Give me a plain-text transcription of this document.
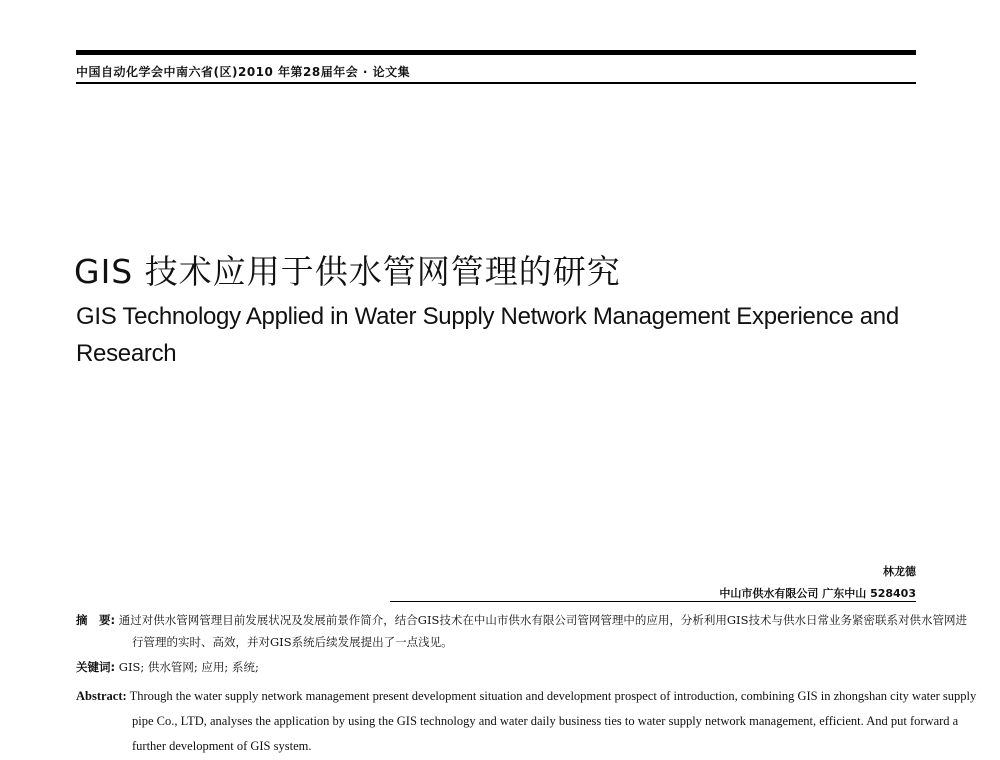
中国自动化学会中南六省(区)2010 年第28届年会 · 论文集
GIS 技术应用于供水管网管理的研究
GIS Technology Applied in Water Supply Network Management Experience and Research
林龙德
中山市供水有限公司 广东中山 528403
摘　要: 通过对供水管网管理目前发展状况及发展前景作简介，结合GIS技术在中山市供水有限公司管网管理中的应用，分析利用GIS技术与供水日常业务紧密联系对供水管网进行管理的实时、高效，并对GIS系统后续发展提出了一点浅见。
关键词: GIS; 供水管网; 应用; 系统;
Abstract: Through the water supply network management present development situation and development prospect of introduction, combining GIS in zhongshan city water supply pipe Co., LTD, analyses the application by using the GIS technology and water daily business ties to water supply network management, efficient. And put forward a further development of GIS system.
